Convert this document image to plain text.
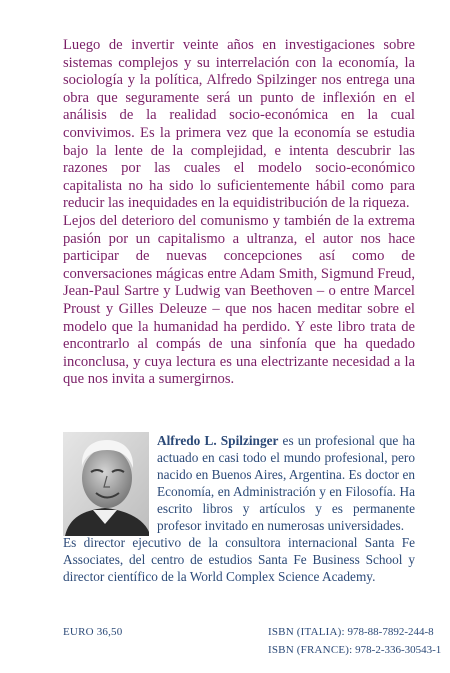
Luego de invertir veinte años en investigaciones sobre sistemas complejos y su interrelación con la economía, la sociología y la política, Alfredo Spilzinger nos entrega una obra que seguramente será un punto de inflexión en el análisis de la realidad socio-económica en la cual convivimos. Es la primera vez que la economía se estudia bajo la lente de la complejidad, e intenta descubrir las razones por las cuales el modelo socio-económico capitalista no ha sido lo suficientemente hábil como para reducir las inequidades en la equidistribución de la riqueza.
Lejos del deterioro del comunismo y también de la extrema pasión por un capitalismo a ultranza, el autor nos hace participar de nuevas concepciones así como de conversaciones mágicas entre Adam Smith, Sigmund Freud, Jean-Paul Sartre y Ludwig van Beethoven – o entre Marcel Proust y Gilles Deleuze – que nos hacen meditar sobre el modelo que la humanidad ha perdido. Y este libro trata de encontrarlo al compás de una sinfonía que ha quedado inconclusa, y cuya lectura es una electrizante necesidad a la que nos invita a sumergirnos.

Alfredo L. Spilzinger es un profesional que ha actuado en casi todo el mundo profesional, pero nacido en Buenos Aires, Argentina. Es doctor en Economía, en Administración y en Filosofía. Ha escrito libros y artículos y es permanente profesor invitado en numerosas universidades.

Es director ejecutivo de la consultora internacional Santa Fe Associates, del centro de estudios Santa Fe Business School y director científico de la World Complex Science Academy.

EURO 36,50	ISBN (ITALIA): 978-88-7892-244-8
ISBN (FRANCE): 978-2-336-30543-1
